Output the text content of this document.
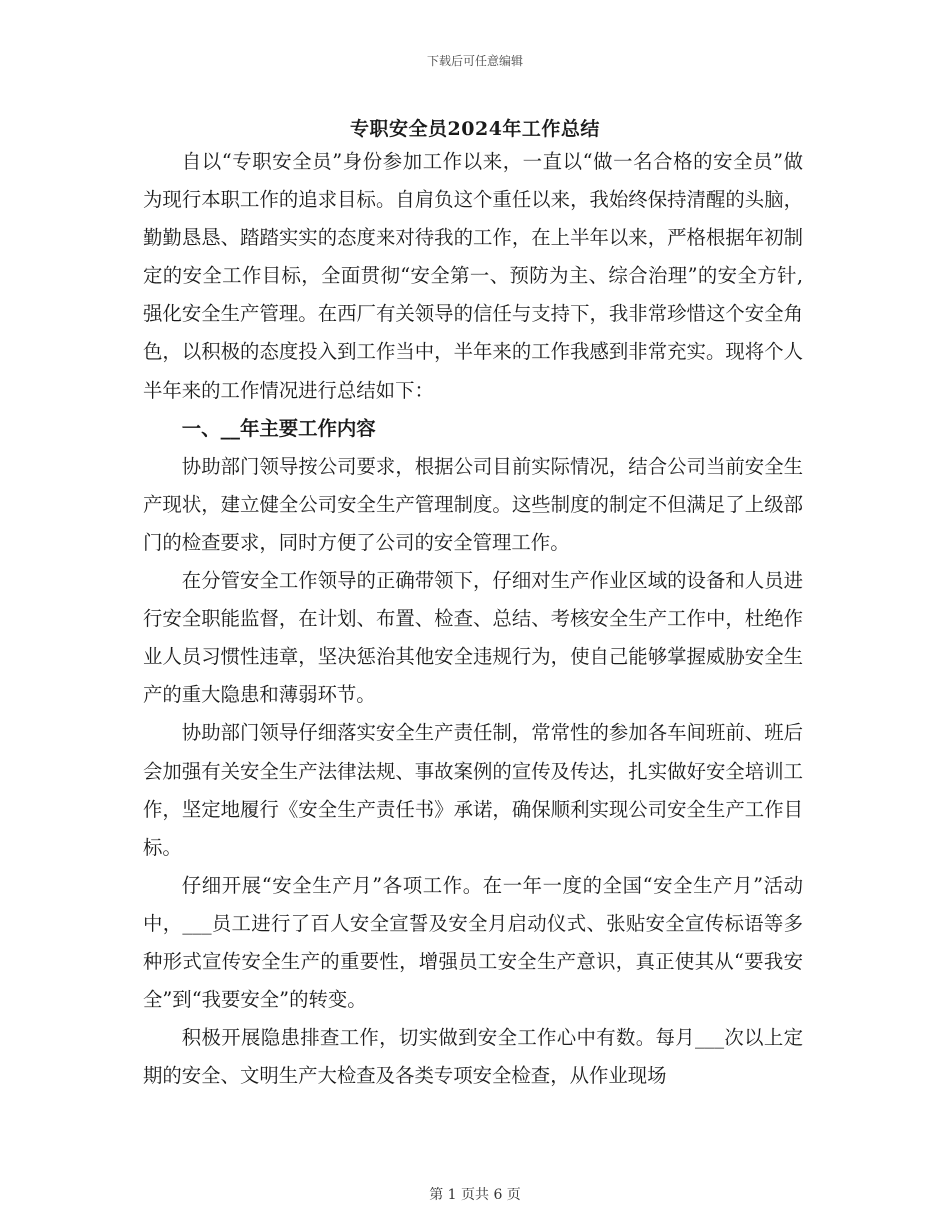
下载后可任意编辑
专职安全员2024年工作总结

自以“专职安全员”身份参加工作以来，一直以“做一名合格的安全员”做为现行本职工作的追求目标。自肩负这个重任以来，我始终保持清醒的头脑，勤勤恳恳、踏踏实实的态度来对待我的工作，在上半年以来，严格根据年初制定的安全工作目标，全面贯彻“安全第一、预防为主、综合治理”的安全方针,强化安全生产管理。在西厂有关领导的信任与支持下，我非常珍惜这个安全角色，以积极的态度投入到工作当中，半年来的工作我感到非常充实。现将个人半年来的工作情况进行总结如下：

一、__年主要工作内容

协助部门领导按公司要求，根据公司目前实际情况，结合公司当前安全生产现状，建立健全公司安全生产管理制度。这些制度的制定不但满足了上级部门的检查要求，同时方便了公司的安全管理工作。

在分管安全工作领导的正确带领下，仔细对生产作业区域的设备和人员进行安全职能监督，在计划、布置、检查、总结、考核安全生产工作中，杜绝作业人员习惯性违章，坚决惩治其他安全违规行为，使自己能够掌握威胁安全生产的重大隐患和薄弱环节。

协助部门领导仔细落实安全生产责任制，常常性的参加各车间班前、班后会加强有关安全生产法律法规、事故案例的宣传及传达，扎实做好安全培训工作，坚定地履行《安全生产责任书》承诺，确保顺利实现公司安全生产工作目标。

仔细开展“安全生产月”各项工作。在一年一度的全国“安全生产月”活动中，___员工进行了百人安全宣誓及安全月启动仪式、张贴安全宣传标语等多种形式宣传安全生产的重要性，增强员工安全生产意识，真正使其从“要我安全”到“我要安全”的转变。

积极开展隐患排查工作，切实做到安全工作心中有数。每月___次以上定期的安全、文明生产大检查及各类专项安全检查，从作业现场

第 1 页共 6 页
